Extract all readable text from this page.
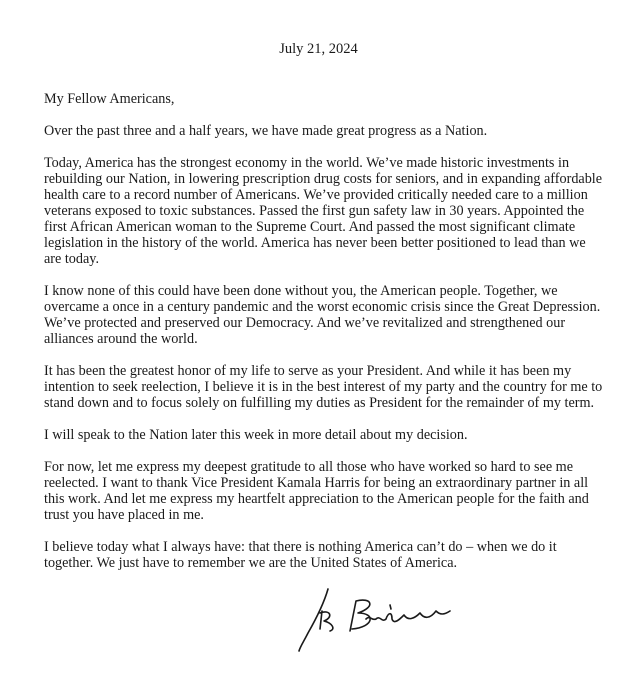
July 21, 2024

My Fellow Americans,

Over the past three and a half years, we have made great progress as a Nation.

Today, America has the strongest economy in the world. We’ve made historic investments in rebuilding our Nation, in lowering prescription drug costs for seniors, and in expanding affordable health care to a record number of Americans. We’ve provided critically needed care to a million veterans exposed to toxic substances. Passed the first gun safety law in 30 years. Appointed the first African American woman to the Supreme Court. And passed the most significant climate legislation in the history of the world. America has never been better positioned to lead than we are today.

I know none of this could have been done without you, the American people. Together, we overcame a once in a century pandemic and the worst economic crisis since the Great Depression. We’ve protected and preserved our Democracy. And we’ve revitalized and strengthened our alliances around the world.

It has been the greatest honor of my life to serve as your President. And while it has been my intention to seek reelection, I believe it is in the best interest of my party and the country for me to stand down and to focus solely on fulfilling my duties as President for the remainder of my term.

I will speak to the Nation later this week in more detail about my decision.

For now, let me express my deepest gratitude to all those who have worked so hard to see me reelected. I want to thank Vice President Kamala Harris for being an extraordinary partner in all this work. And let me express my heartfelt appreciation to the American people for the faith and trust you have placed in me.

I believe today what I always have: that there is nothing America can’t do – when we do it together. We just have to remember we are the United States of America.
